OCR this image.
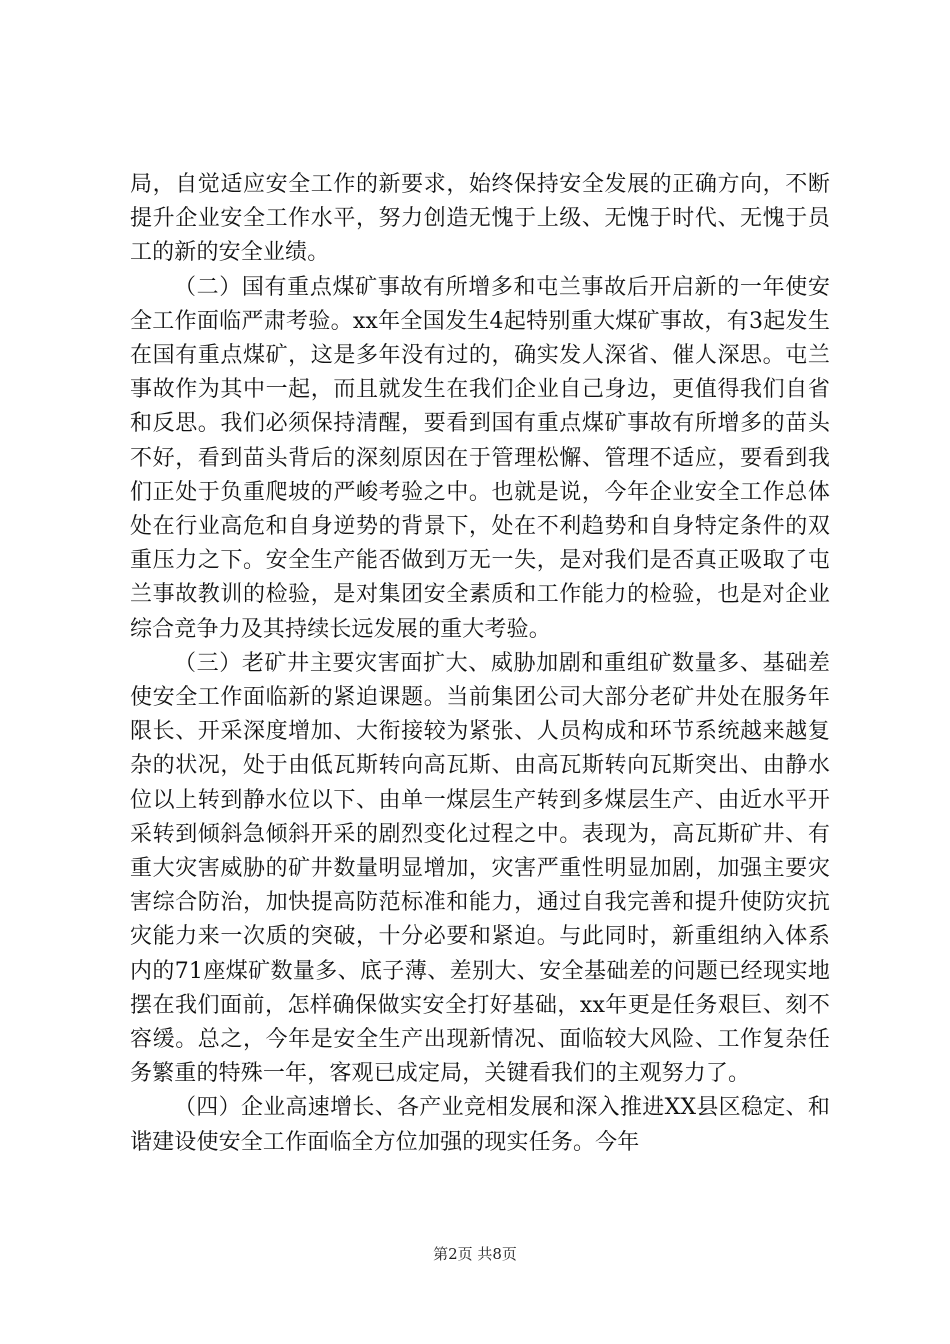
局，自觉适应安全工作的新要求，始终保持安全发展的正确方向，不断提升企业安全工作水平，努力创造无愧于上级、无愧于时代、无愧于员工的新的安全业绩。

（二）国有重点煤矿事故有所增多和屯兰事故后开启新的一年使安全工作面临严肃考验。xx年全国发生4起特别重大煤矿事故，有3起发生在国有重点煤矿，这是多年没有过的，确实发人深省、催人深思。屯兰事故作为其中一起，而且就发生在我们企业自己身边，更值得我们自省和反思。我们必须保持清醒，要看到国有重点煤矿事故有所增多的苗头不好，看到苗头背后的深刻原因在于管理松懈、管理不适应，要看到我们正处于负重爬坡的严峻考验之中。也就是说，今年企业安全工作总体处在行业高危和自身逆势的背景下，处在不利趋势和自身特定条件的双重压力之下。安全生产能否做到万无一失，是对我们是否真正吸取了屯兰事故教训的检验，是对集团安全素质和工作能力的检验，也是对企业综合竞争力及其持续长远发展的重大考验。

（三）老矿井主要灾害面扩大、威胁加剧和重组矿数量多、基础差使安全工作面临新的紧迫课题。当前集团公司大部分老矿井处在服务年限长、开采深度增加、大衔接较为紧张、人员构成和环节系统越来越复杂的状况，处于由低瓦斯转向高瓦斯、由高瓦斯转向瓦斯突出、由静水位以上转到静水位以下、由单一煤层生产转到多煤层生产、由近水平开采转到倾斜急倾斜开采的剧烈变化过程之中。表现为，高瓦斯矿井、有重大灾害威胁的矿井数量明显增加，灾害严重性明显加剧，加强主要灾害综合防治，加快提高防范标准和能力，通过自我完善和提升使防灾抗灾能力来一次质的突破，十分必要和紧迫。与此同时，新重组纳入体系内的71座煤矿数量多、底子薄、差别大、安全基础差的问题已经现实地摆在我们面前，怎样确保做实安全打好基础，xx年更是任务艰巨、刻不容缓。总之，今年是安全生产出现新情况、面临较大风险、工作复杂任务繁重的特殊一年，客观已成定局，关键看我们的主观努力了。

（四）企业高速增长、各产业竞相发展和深入推进XX县区稳定、和谐建设使安全工作面临全方位加强的现实任务。今年

第2页 共8页
